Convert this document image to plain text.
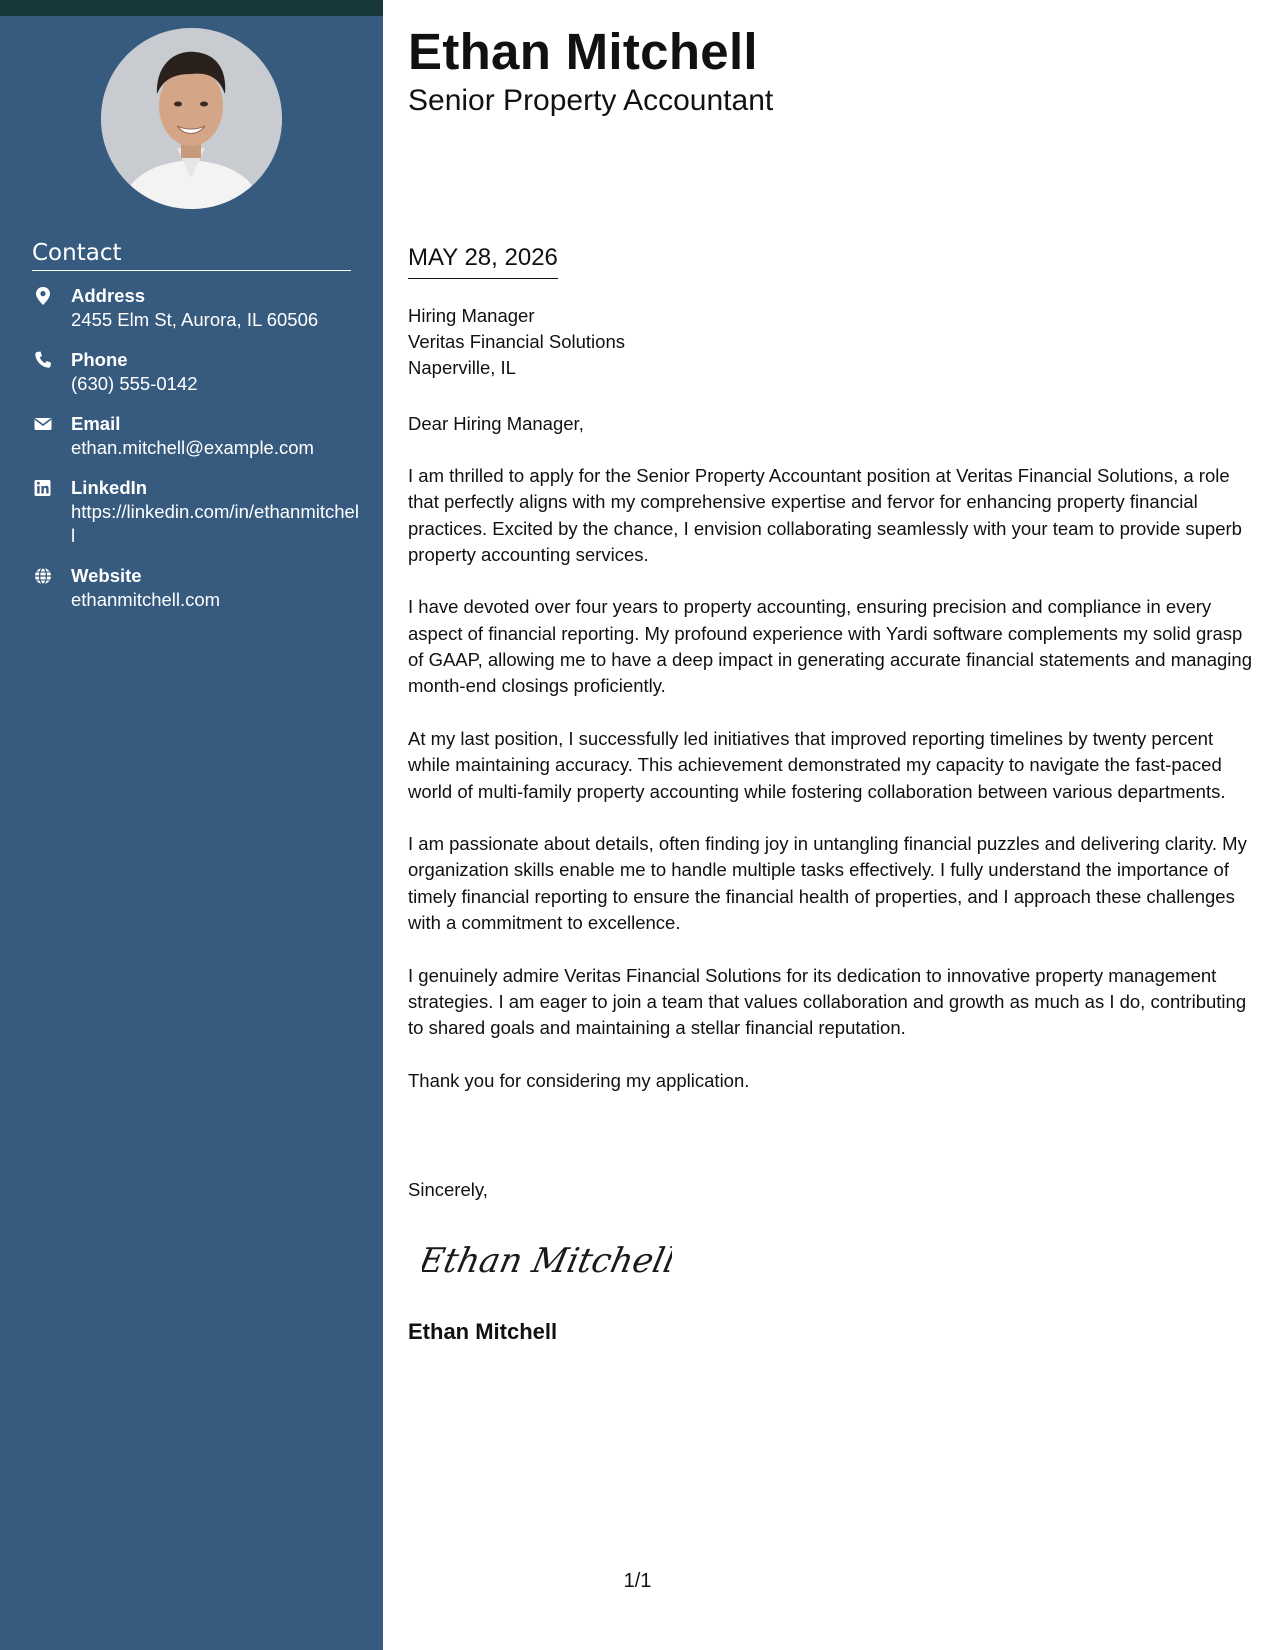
Contact
Address
2455 Elm St, Aurora, IL 60506
Phone
(630) 555-0142
Email
ethan.mitchell@example.com
LinkedIn
https://linkedin.com/in/ethanmitchell
Website
ethanmitchell.com
Ethan Mitchell
Senior Property Accountant
MAY 28, 2026
Hiring Manager
Veritas Financial Solutions
Naperville, IL
Dear Hiring Manager,

I am thrilled to apply for the Senior Property Accountant position at Veritas Financial Solutions, a role that perfectly aligns with my comprehensive expertise and fervor for enhancing property financial practices. Excited by the chance, I envision collaborating seamlessly with your team to provide superb property accounting services.

I have devoted over four years to property accounting, ensuring precision and compliance in every aspect of financial reporting. My profound experience with Yardi software complements my solid grasp of GAAP, allowing me to have a deep impact in generating accurate financial statements and managing month-end closings proficiently.

At my last position, I successfully led initiatives that improved reporting timelines by twenty percent while maintaining accuracy. This achievement demonstrated my capacity to navigate the fast-paced world of multi-family property accounting while fostering collaboration between various departments.

I am passionate about details, often finding joy in untangling financial puzzles and delivering clarity. My organization skills enable me to handle multiple tasks effectively. I fully understand the importance of timely financial reporting to ensure the financial health of properties, and I approach these challenges with a commitment to excellence.

I genuinely admire Veritas Financial Solutions for its dedication to innovative property management strategies. I am eager to join a team that values collaboration and growth as much as I do, contributing to shared goals and maintaining a stellar financial reputation.

Thank you for considering my application.

Sincerely,
Ethan Mitchell
Ethan Mitchell
1/1
